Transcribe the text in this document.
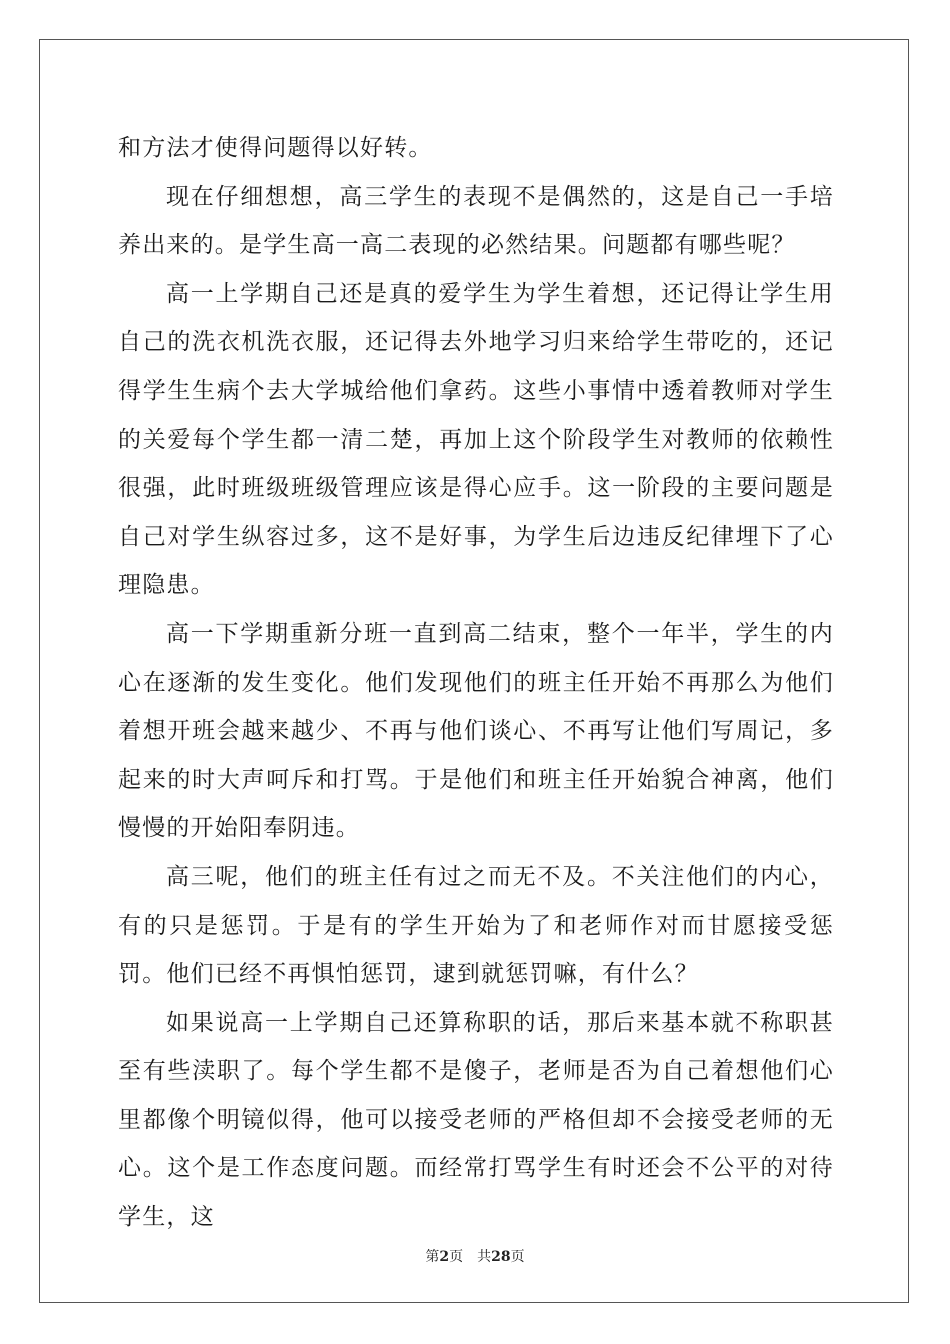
和方法才使得问题得以好转。

现在仔细想想，高三学生的表现不是偶然的，这是自己一手培养出来的。是学生高一高二表现的必然结果。问题都有哪些呢？

高一上学期自己还是真的爱学生为学生着想，还记得让学生用自己的洗衣机洗衣服，还记得去外地学习归来给学生带吃的，还记得学生生病个去大学城给他们拿药。这些小事情中透着教师对学生的关爱每个学生都一清二楚，再加上这个阶段学生对教师的依赖性很强，此时班级班级管理应该是得心应手。这一阶段的主要问题是自己对学生纵容过多，这不是好事，为学生后边违反纪律埋下了心理隐患。

高一下学期重新分班一直到高二结束，整个一年半，学生的内心在逐渐的发生变化。他们发现他们的班主任开始不再那么为他们着想开班会越来越少、不再与他们谈心、不再写让他们写周记，多起来的时大声呵斥和打骂。于是他们和班主任开始貌合神离，他们慢慢的开始阳奉阴违。

高三呢，他们的班主任有过之而无不及。不关注他们的内心，有的只是惩罚。于是有的学生开始为了和老师作对而甘愿接受惩罚。他们已经不再惧怕惩罚，逮到就惩罚嘛，有什么？

如果说高一上学期自己还算称职的话，那后来基本就不称职甚至有些渎职了。每个学生都不是傻子，老师是否为自己着想他们心里都像个明镜似得，他可以接受老师的严格但却不会接受老师的无心。这个是工作态度问题。而经常打骂学生有时还会不公平的对待学生，这

第2页 共28页
